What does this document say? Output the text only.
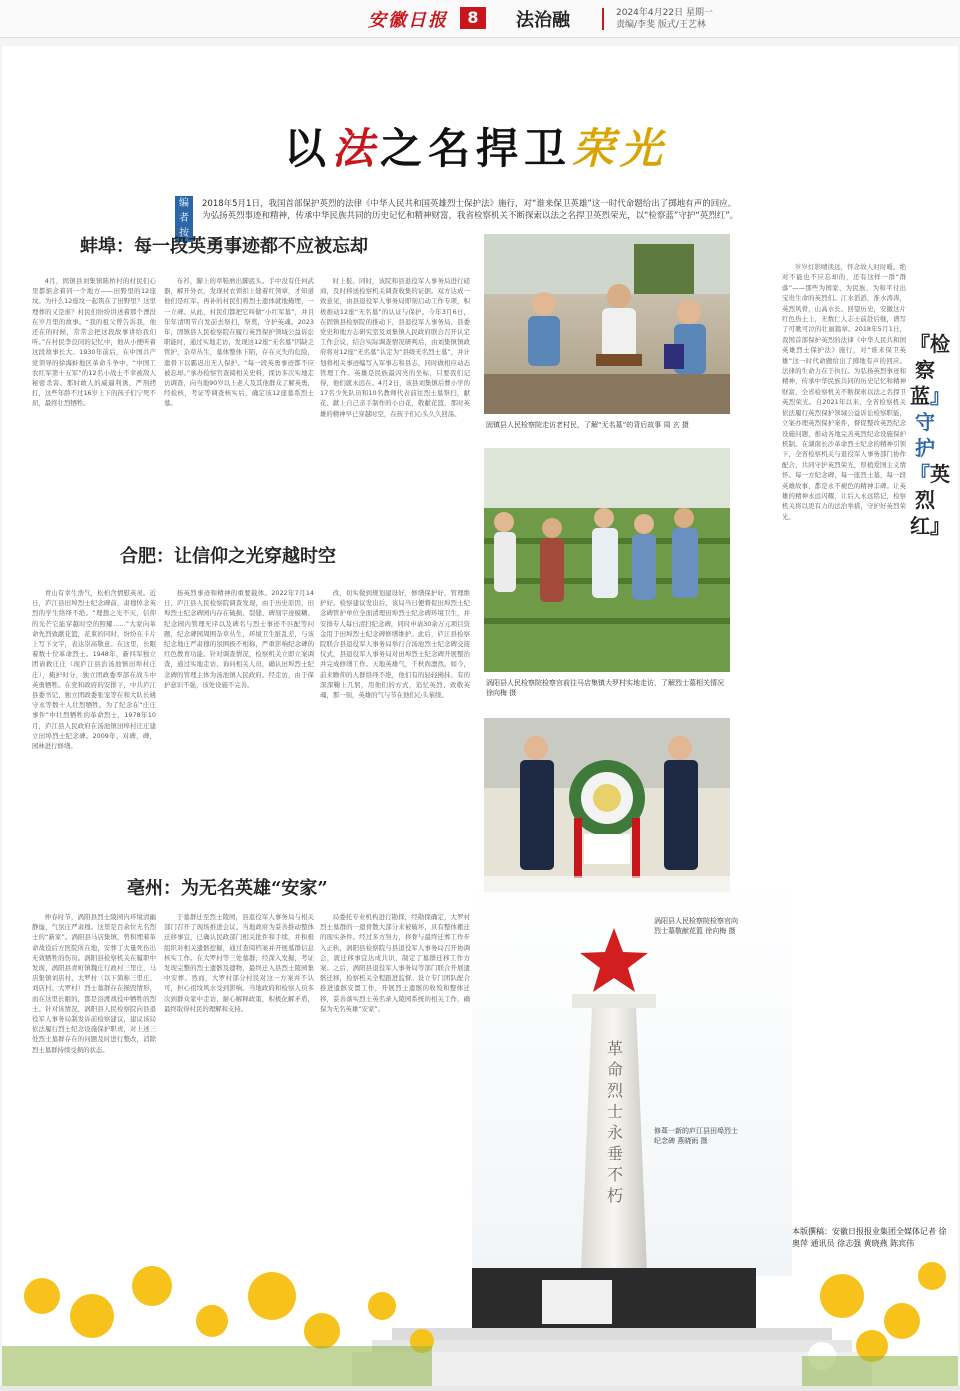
安徽日报	8	法治融	2024年4月22日 星期一
责编/李斐 版式/王艺林
以法之名捍卫荣光
编者按
2018年5月1日，我国首部保护英烈的法律《中华人民共和国英雄烈士保护法》施行，对“谁来保卫英雄”这一时代命题给出了掷地有声的回应。为弘扬英烈事迹和精神，传承中华民族共同的历史记忆和精神财富，我省检察机关不断探索以法之名捍卫英烈荣光，以“检察蓝”守护“英烈红”。
蚌埠：每一段英勇事迹都不应被忘却

4月，固镇县刘集镇陈桥村的村民们心里都惦念着同一个地方——田野里的12座坟。为什么12座坟一起筑在了田野里？这里埋葬的又是谁？村民们纷纷讲述着那个湮没在岁月里的故事。“我的祖父曾告诉我，他还在的时候，常常会把这段故事讲给我们听。”在村民李良同的记忆中，他从小便听着这段故事长大。1930年前后，在中国共产党领导的徐海蚌地区革命斗争中，“中国工农红军第十五军”的12名小战士不幸被敌人秘密杀害。那时敢人的威逼利诱，严刑拷打，这些年龄不过16岁上下的孩子们宁死不屈，最终壮烈牺牲。

布衫，脚上的草鞋磨出脚底头。手中没有任何武器，解开外衣，发现衬衣领扣上缝着红领章，才知道他们是红军。再补的村民们将烈士遗体就地掩埋，一一立碑。从此，村民们都把它叫做“小红军墓”，并且年年清明节自发前去祭扫，祭奠，守护英魂。2023年，固镇县人民检察院在履行英烈保护领域公益诉讼职能时，通过实地走访，发现这12座“无名墓”因缺乏管护，杂草丛生，墓体整体下陷，存在灭失的危险，遗骨下以霸迟出无人保护。“每一段英勇事迹都不应被忘却。”承办检察官查阅相关史料，探访多次实地走访调查，向当地90岁以上老人及其他群众了解英勇，经检核，考证等调查核实后，确定该12座墓系烈士墓。

时上报。同时，该院和县退役军人事务局进行磋商，及时移送检察机关调查收集的证据。双方达成一致意见，由县退役军人事务局即刻启动工作专项，积极推动12座“无名墓”的认证与保护。今年3月6日，在固镇县检察院的推动下，县退役军人事务局、县委党史和地方志研究室及刘集镇人民政府联合召开认定工作会议，结合实际调查情况研判后，由刘集镇镇政府将对12座“无名墓”认定为“县级无名烈士墓”，并计划将相关事迹编写入军事志和县志，同时做相应动态管理工作。英雄是民族最闪亮的坐标，只要我们记得，他们就永远在。4月2日，该县刘集镇后曹小学的17名少先队员和10名教师代表前往烈士墓祭扫，献花、献上自己亲手制作的小白花，敬献花篮，那时英雄的精神早已穿越时空，在孩子们心头久久回荡。

合肥：让信仰之光穿越时空

青山有幸生浩气，松柏含情慰英灵。近日，庐江县田埠烈士纪念碑前，肃穆悼念英烈的学生络绎不绝。“理想之光不灭，信仰的光芒它能穿越时空的照耀……”大家向革命先烈致献花篮，花束的同时，纷纷在卡片上写下文字，表达崇高敬意。在这里，长眠着数十位革命烈士。1948年，新四军独立团请救庄庄（现庐江县治汤池镇田埠村庄庄），掩护时分，独立团政委率部在战斗中英勇牺牲。在党和政府的安排下，中共庐江县委书记、独立团政委张宠等在和大队长姚守永等数十人壮烈牺牲。为了纪念在“庄庄事件”中壮烈牺牲的革命烈士，1978年10月，庐江县人民政府在汤池镇田埠村庄庄建立田埠烈士纪念碑。2009年，对碑，碑，园林进行修缮。

扬英烈事迹和精神的重要载体。2022年7月14日，庐江县人民检察院调查发现，由于历史原因，田埠烈士纪念碑园内存在破损、裂缝、碑刻字迹模糊、纪念园内管理无序以及碑名与烈士事迹不匹配等问题，纪念碑园周围杂草丛生，环境卫生脏乱差，与该纪念地庄严肃穆的氛围极不相称，严重影响纪念碑的红色教育功能。针对调查情况，检察机关立即立案调查，通过实地走访、询问相关人员，确认田埠烈士纪念碑的管理主体为汤池镇人民政府。经走访，由于保护意识不强，该处设施不完善。

改，切实做到规划建设好，修缮保护好，管理维护好。检察建议发出后，该局当日便督促田埠烈士纪念碑管护单位全面清理田埠烈士纪念碑环境卫生，并安排专人每日清扫纪念碑，同时申请30余万元项目资金用于田埠烈士纪念碑修缮维护。此后，庐江县检察院联合县退役军人事务局举行合汤池烈士纪念碑交接仪式，县退役军人事务局对田埠烈士纪念碑开展整治并完成修缮工作。天地英雄气，千秋尚凛然。如今，前来瞻仰的人群络绎不绝，他们有的轻轻拂抹、有的深深鞠上几躬，用他们的方式，追忆英烈、致敬英魂，那一刻，英雄的气与节在他们心头萦绕。

亳州：为无名英雄“安家”

仲春时节，涡阳县烈士陵园内环境清幽静谧，气氛庄严肃穆。这里是百余位无名烈士的“新家”。涡阳县马店集镇，曾积埋着革命战役后方医院所在地，安葬了大量死伤出无效牺牲的伤员。涡阳县检察机关在履职中发现，涡阳县青町镇魏庄行政村三里庄，马店集镇刘店村、大罗村（以下简称三里庄、刘店村、大罗村）烈士墓群存在损毁情形，而在这里长眠的，都是浴渡战役中牺牲的烈士。针对该情况，涡阳县人民检察院向县退役军人事务局制发诉前检察建议，建议该局依法履行烈士纪念设施保护职责，对上述三处烈士墓群存在的问题及时进行整改，消除烈士墓群持续受损的状态。

于墓群迁至烈士陵园，县退役军人事务局与相关部门召开了现场推进会议。当地政府为妥善推动整体迁移事宜，已确认民政部门相关批件和手续，并积极组织对相关遗骸挖掘，通过查阅档案并开展墓群信息核实工作。在大罗村等三处墓群，经深入发掘，考证发现完整的烈士遗骸及遗物，最终迁入县烈士陵园集中安葬。然而，大罗村部分村民对这一方案并不认可，担心祖坟风水受到影响。当地政府和检察人员多次到群众家中走访，耐心解释政策，积极化解矛盾，最终取得村民的理解和支持。

局委托专业机构进行勘探，经勘探确定，大罗村烈士墓群的一遗骨散大部分来被破坏，具有整体搬迁的现实条件。经过多方努力，移骨与最终迁葬工作步入正轨，涡阳县检察院与县退役军人事务局召开协调会，就迁移事宜达成共识，制定了墓群迁移工作方案。之后，涡阳县退役军人事务局等部门联合开展遗骸迁移，检察机关全程跟进监督。设立专门团队配合推进遗骸安置工作，开展烈士遗骸的收殓和整体迁移，妥善落实烈士英名录入陵园系统的相关工作，确保为无名英雄“安家”。

固镇县人民检察院走访老村民，了解“无名墓”的背后故事 周 玄 摄
涡阳县人民检察院检察官前往马店集镇大罗村实地走访，了解烈士墓相关情况 徐向梅 摄
革命烈士永垂不朽
涡阳县人民检察院检察官向烈士墓敬献花篮 徐向梅 摄
修葺一新的庐江县田埠烈士纪念碑 燕晓雨 摄

岁岁灯影晴读远，怀念故人时时暖。绝对不能也不应忘却的，还有这样一群“群落”——那些为国家、为民族、为和平付出宝贵生命的英烈们。江水滔滔，淮水涛涛，英烈风骨，山高水长。回望历史，安徽这片红色热土上，无数仁人志士前赴后继，谱写了可歌可泣的壮丽篇章。2018年5月1日，我国首部保护英烈的法律《中华人民共和国英雄烈士保护法》施行，对“谁来保卫英雄”这一时代命题给出了掷地有声的回应。法律的生命力在于执行。为弘扬英烈事迹和精神，传承中华民族共同的历史记忆和精神财富，全省检察机关不断探索以法之名捍卫英烈荣光。自2021年以来，全省检察机关依法履行英烈保护领域公益诉讼检察职能，立案办理英烈保护案件，督促整改英烈纪念设施问题，推动各地完善英烈纪念设施保护机制。在湖南长沙革命烈士纪念的精神引领下，全省检察机关与退役军人事务部门协作配合，共同守护英烈荣光，厚植爱国主义情怀。每一方纪念碑，每一座烈士墓，每一段英雄故事，都是永不褪色的精神丰碑。让英雄的精神永远闪耀，让后人永远铭记，检察机关将以更有力的法治举措，守护好英烈荣光。

『检察蓝』守护『英烈红』
本版撰稿：安徽日报报业集团全媒体记者 徐奥萍 通讯员 徐志强 黄晓燕 陈宾伟
